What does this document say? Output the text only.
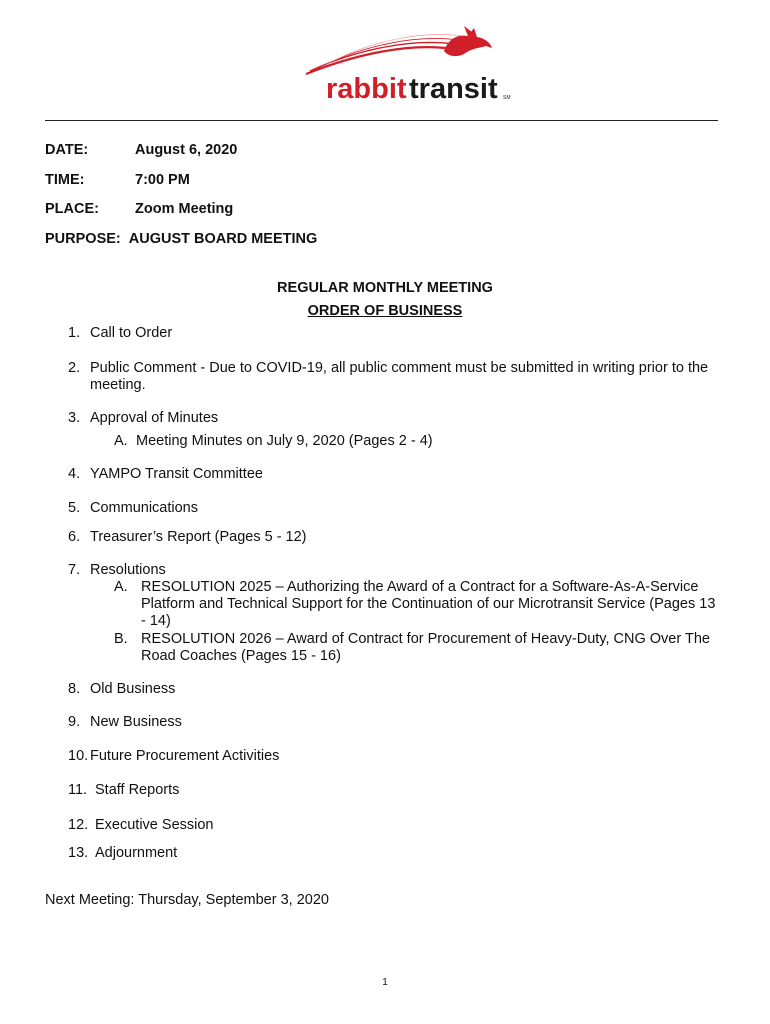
rabbit transit SM
DATE:	August 6, 2020
TIME:	7:00 PM
PLACE: Zoom Meeting
PURPOSE: AUGUST BOARD MEETING
REGULAR MONTHLY MEETING
ORDER OF BUSINESS
1. Call to Order
2. Public Comment - Due to COVID-19, all public comment must be submitted in writing prior to the meeting.
3. Approval of Minutes
A. Meeting Minutes on July 9, 2020 (Pages 2 - 4)
4. YAMPO Transit Committee
5. Communications
6. Treasurer’s Report (Pages 5 - 12)
7. Resolutions
A. RESOLUTION 2025 – Authorizing the Award of a Contract for a Software-As-A-Service Platform and Technical Support for the Continuation of our Microtransit Service (Pages 13 - 14)
B. RESOLUTION 2026 – Award of Contract for Procurement of Heavy-Duty, CNG Over The Road Coaches (Pages 15 - 16)
8. Old Business
9. New Business
10. Future Procurement Activities
11. Staff Reports
12. Executive Session
13. Adjournment
Next Meeting: Thursday, September 3, 2020
1
